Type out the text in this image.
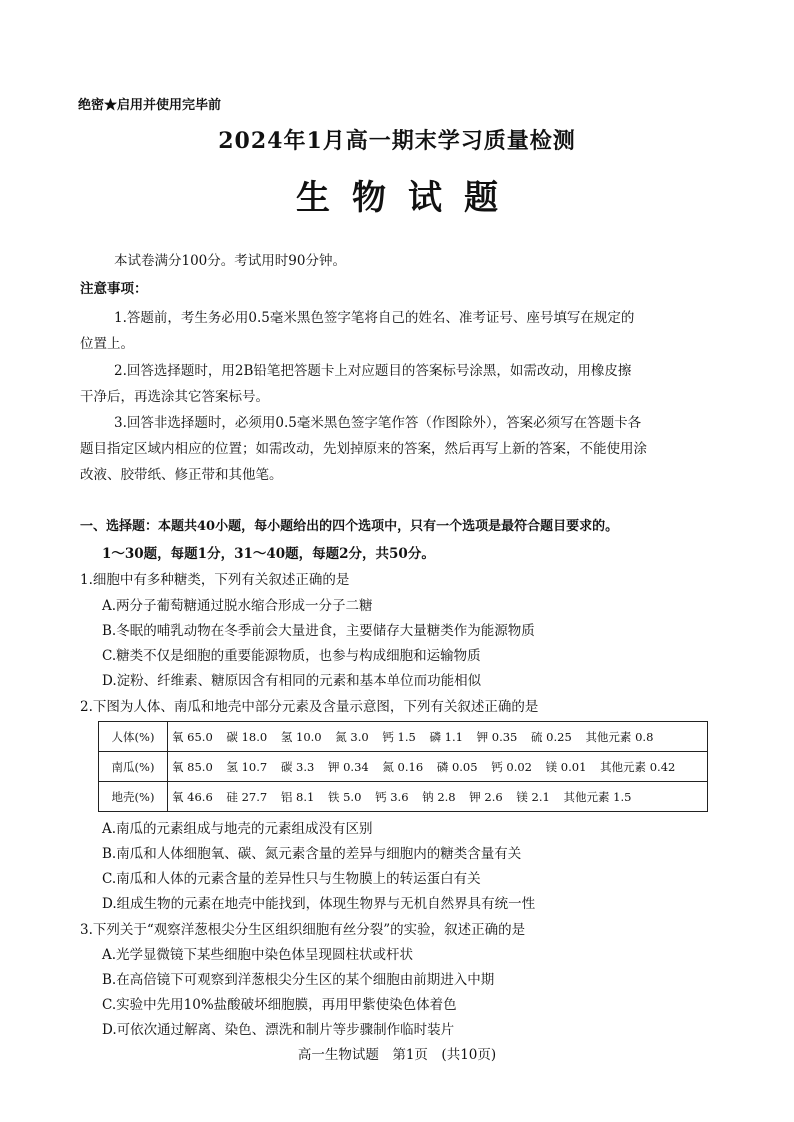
绝密★启用并使用完毕前
2024年1月高一期末学习质量检测
生物试题
本试卷满分100分。考试用时90分钟。
注意事项：
1.答题前，考生务必用0.5毫米黑色签字笔将自己的姓名、准考证号、座号填写在规定的
位置上。
2.回答选择题时，用2B铅笔把答题卡上对应题目的答案标号涂黑，如需改动，用橡皮擦
干净后，再选涂其它答案标号。
3.回答非选择题时，必须用0.5毫米黑色签字笔作答（作图除外），答案必须写在答题卡各
题目指定区域内相应的位置；如需改动，先划掉原来的答案，然后再写上新的答案，不能使用涂
改液、胶带纸、修正带和其他笔。
一、选择题：本题共40小题，每小题给出的四个选项中，只有一个选项是最符合题目要求的。
1～30题，每题1分，31～40题，每题2分，共50分。
1.细胞中有多种糖类，下列有关叙述正确的是
A.两分子葡萄糖通过脱水缩合形成一分子二糖
B.冬眠的哺乳动物在冬季前会大量进食，主要储存大量糖类作为能源物质
C.糖类不仅是细胞的重要能源物质，也参与构成细胞和运输物质
D.淀粉、纤维素、糖原因含有相同的元素和基本单位而功能相似
2.下图为人体、南瓜和地壳中部分元素及含量示意图，下列有关叙述正确的是
人体(%)	氧 65.0 碳 18.0 氢 10.0 氮 3.0 钙 1.5 磷 1.1 钾 0.35 硫 0.25 其他元素 0.8
南瓜(%)	氧 85.0 氢 10.7 碳 3.3 钾 0.34 氮 0.16 磷 0.05 钙 0.02 镁 0.01 其他元素 0.42
地壳(%)	氧 46.6 硅 27.7 铝 8.1 铁 5.0 钙 3.6 钠 2.8 钾 2.6 镁 2.1 其他元素 1.5
A.南瓜的元素组成与地壳的元素组成没有区别
B.南瓜和人体细胞氧、碳、氮元素含量的差异与细胞内的糖类含量有关
C.南瓜和人体的元素含量的差异性只与生物膜上的转运蛋白有关
D.组成生物的元素在地壳中能找到，体现生物界与无机自然界具有统一性
3.下列关于“观察洋葱根尖分生区组织细胞有丝分裂”的实验，叙述正确的是
A.光学显微镜下某些细胞中染色体呈现圆柱状或杆状
B.在高倍镜下可观察到洋葱根尖分生区的某个细胞由前期进入中期
C.实验中先用10%盐酸破坏细胞膜，再用甲紫使染色体着色
D.可依次通过解离、染色、漂洗和制片等步骤制作临时装片
高一生物试题　第1页　(共10页)
